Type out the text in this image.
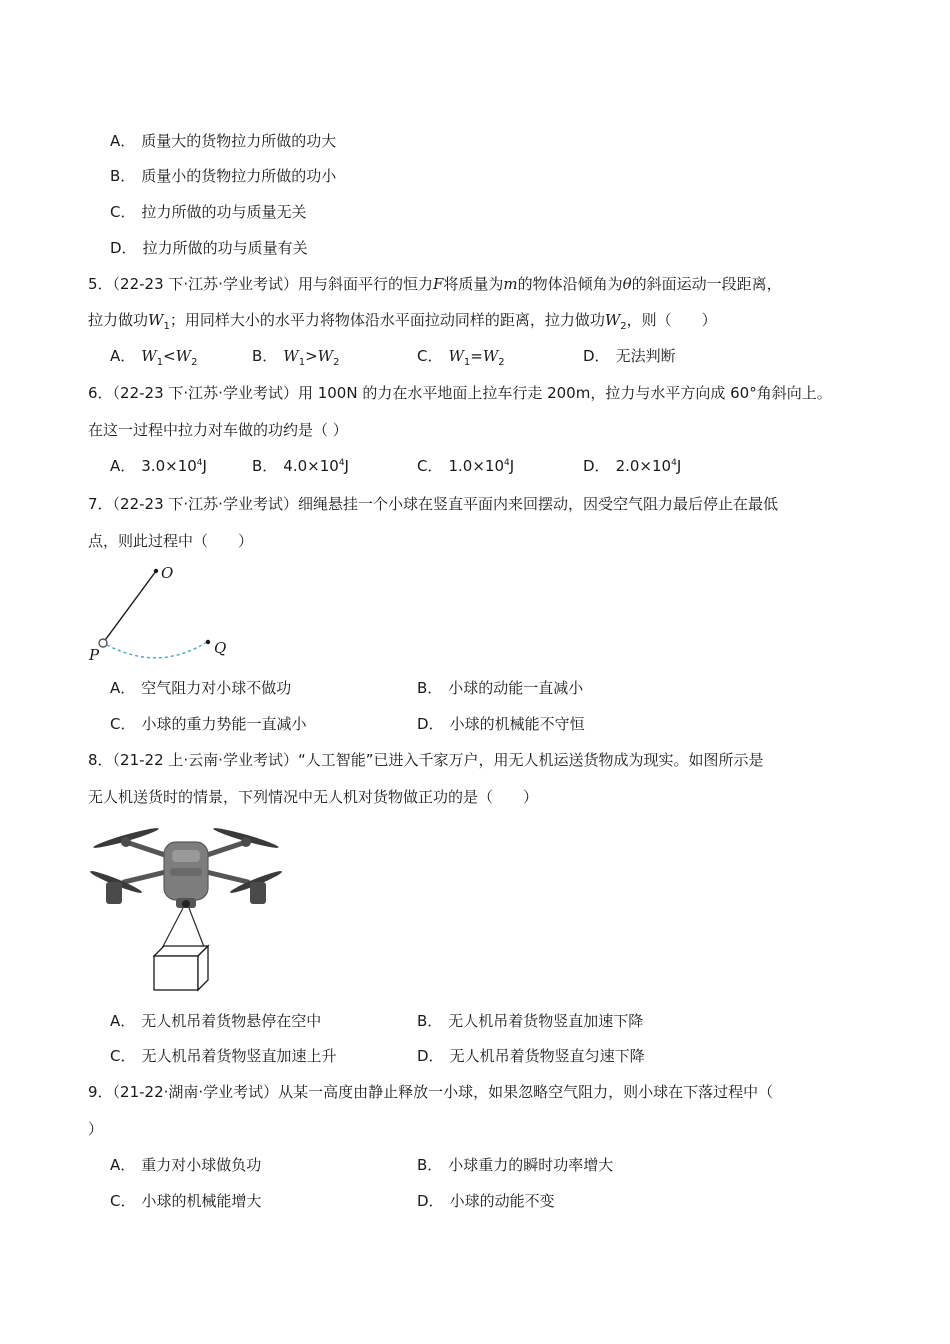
A． 质量大的货物拉力所做的功大
B． 质量小的货物拉力所做的功小
C． 拉力所做的功与质量无关
D． 拉力所做的功与质量有关
5．（22-23 下·江苏·学业考试）用与斜面平行的恒力F将质量为m的物体沿倾角为θ的斜面运动一段距离，
拉力做功$W_1$；用同样大小的水平力将物体沿水平面拉动同样的距离，拉力做功$W_2$，则（　　）
A． $W_1<W_2$	B． $W_1>W_2$	C． $W_1=W_2$	D． 无法判断
6．（22-23 下·江苏·学业考试）用 100N 的力在水平地面上拉车行走 200m，拉力与水平方向成 60°角斜向上。
在这一过程中拉力对车做的功约是（ ）
A． $3.0\times 10^4J$	B． $4.0\times 10^4J$	C． $1.0\times 10^4J$	D． $2.0\times 10^4J$
7．（22-23 下·江苏·学业考试）细绳悬挂一个小球在竖直平面内来回摆动，因受空气阻力最后停止在最低
点，则此过程中（　　）
O
P	Q
A． 空气阻力对小球不做功	B． 小球的动能一直减小
C． 小球的重力势能一直减小	D． 小球的机械能不守恒
8．（21-22 上·云南·学业考试）“人工智能”已进入千家万户，用无人机运送货物成为现实。如图所示是
无人机送货时的情景，下列情况中无人机对货物做正功的是（　　）
A． 无人机吊着货物悬停在空中	B． 无人机吊着货物竖直加速下降
C． 无人机吊着货物竖直加速上升	D． 无人机吊着货物竖直匀速下降
9．（21-22·湖南·学业考试）从某一高度由静止释放一小球，如果忽略空气阻力，则小球在下落过程中（
）
A． 重力对小球做负功	B． 小球重力的瞬时功率增大
C． 小球的机械能增大	D． 小球的动能不变
